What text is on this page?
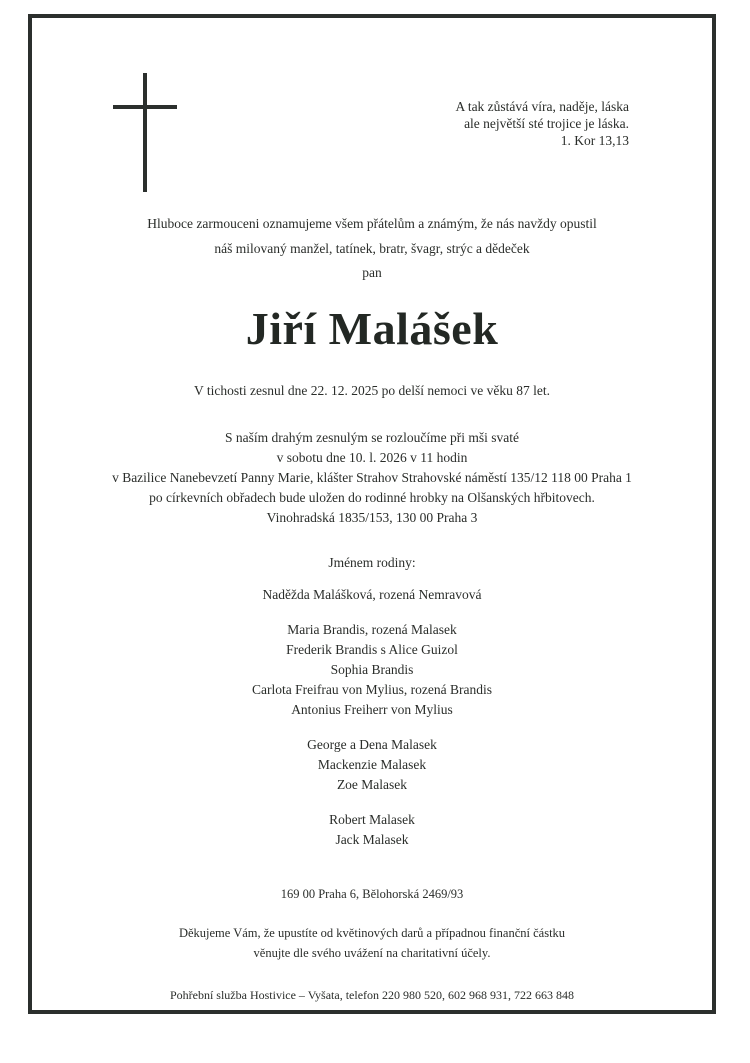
A tak zůstává víra, naděje, láska
ale největší sté trojice je láska.
1. Kor 13,13
Hluboce zarmouceni oznamujeme všem přátelům a známým, že nás navždy opustil
náš milovaný manžel, tatínek, bratr, švagr, strýc a dědeček
pan
Jiří Malášek
V tichosti zesnul dne 22. 12. 2025 po delší nemoci ve věku 87 let.
S naším drahým zesnulým se rozloučíme při mši svaté
v sobotu dne 10. l. 2026 v 11 hodin
v Bazilice Nanebevzetí Panny Marie, klášter Strahov Strahovské náměstí 135/12 118 00 Praha 1
po církevních obřadech bude uložen do rodinné hrobky na Olšanských hřbitovech.
Vinohradská 1835/153, 130 00 Praha 3
Jménem rodiny:
Naděžda Malášková, rozená Nemravová
Maria Brandis, rozená Malasek
Frederik Brandis s Alice Guizol
Sophia Brandis
Carlota Freifrau von Mylius, rozená Brandis
Antonius Freiherr von Mylius
George a Dena Malasek
Mackenzie Malasek
Zoe Malasek
Robert Malasek
Jack Malasek
169 00 Praha 6, Bělohorská 2469/93
Děkujeme Vám, že upustíte od květinových darů a případnou finanční částku
věnujte dle svého uvážení na charitativní účely.
Pohřební služba Hostivice – Vyšata, telefon 220 980 520, 602 968 931, 722 663 848
